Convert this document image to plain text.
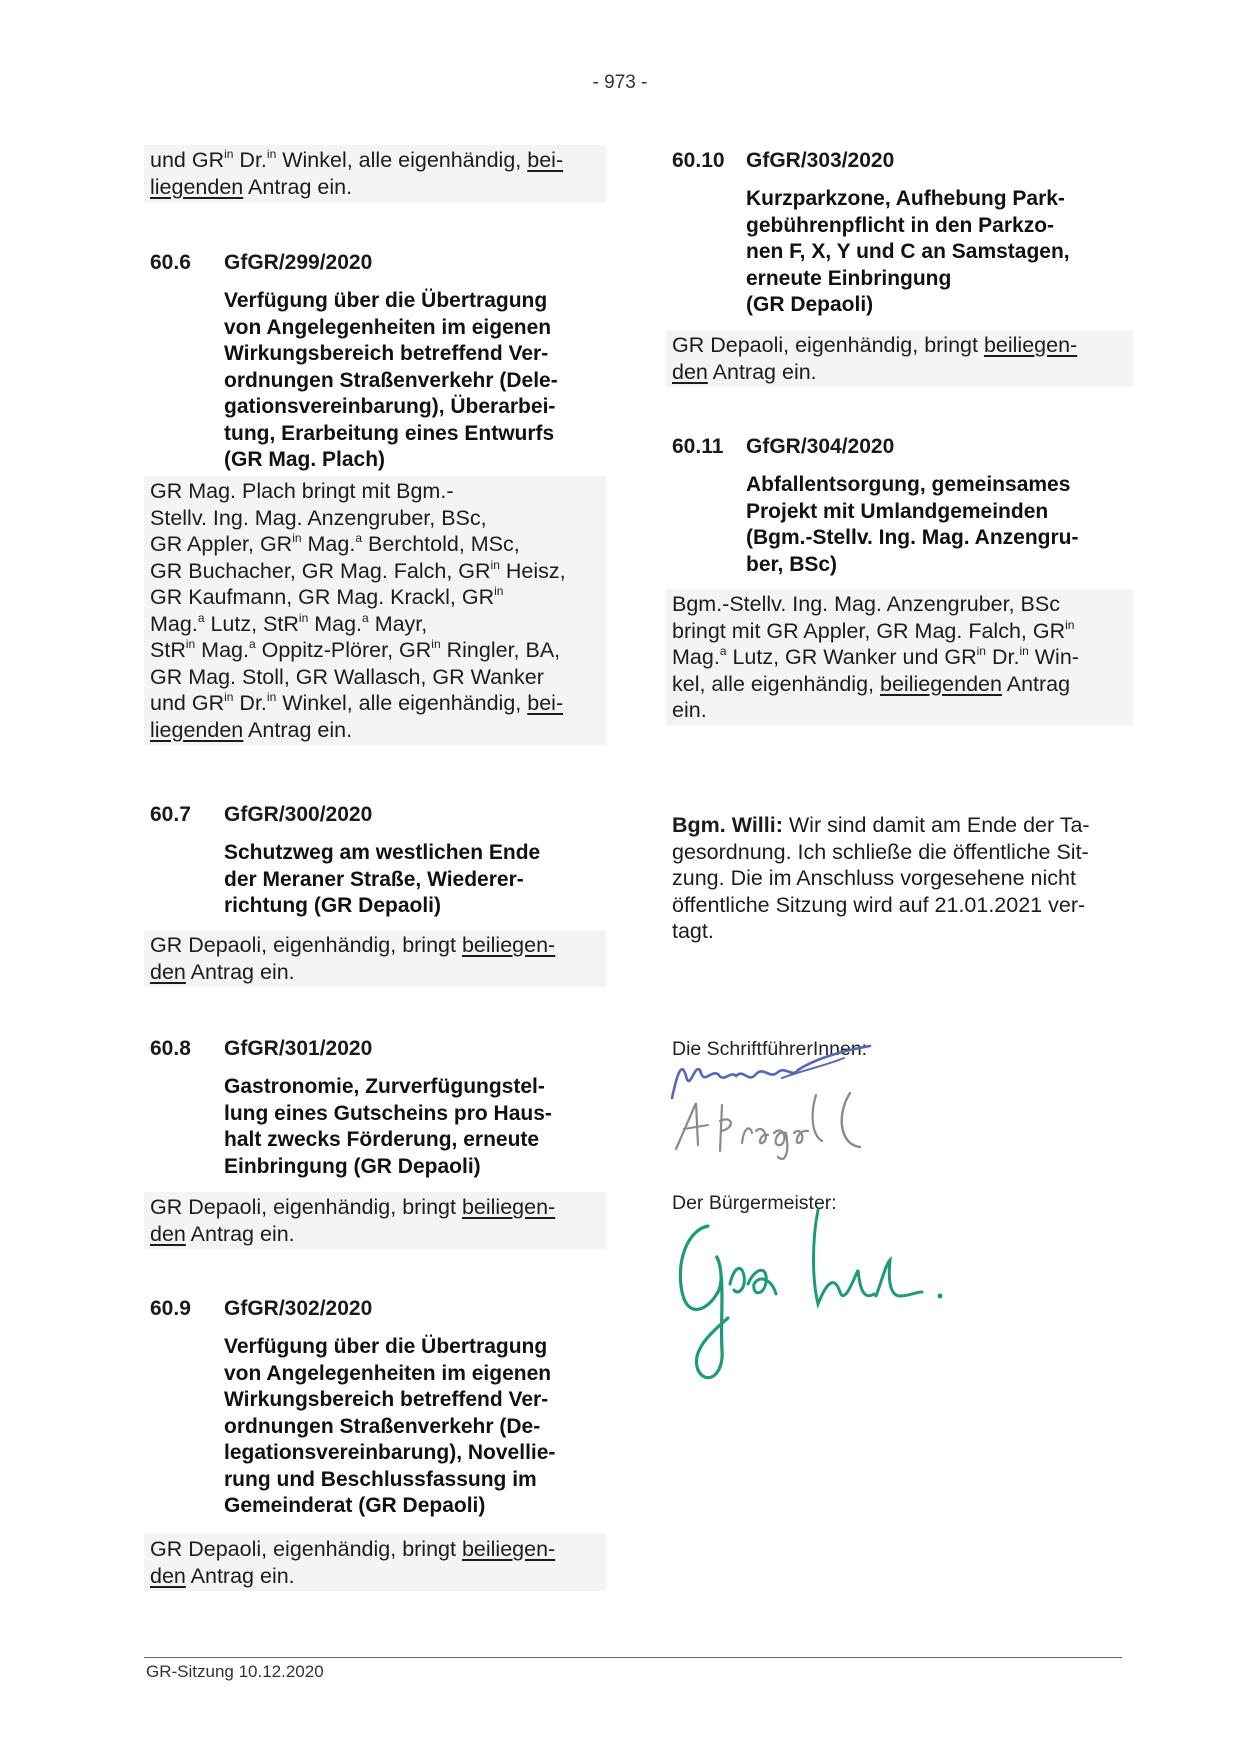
- 973 -
und $GR^{in}$ Dr.$^{in}$ Winkel, alle eigenhändig, bei-
liegenden Antrag ein.
60.6 GfGR/299/2020
Verfügung über die Übertragung
von Angelegenheiten im eigenen
Wirkungsbereich betreffend Ver-
ordnungen Straßenverkehr (Dele-
gationsvereinbarung), Überarbei-
tung, Erarbeitung eines Entwurfs
(GR Mag. Plach)
GR Mag. Plach bringt mit Bgm.-
Stellv. Ing. Mag. Anzengruber, BSc,
GR Appler, $GR^{in}$ Mag.$^a$ Berchtold, MSc,
GR Buchacher, GR Mag. Falch, $GR^{in}$ Heisz,
GR Kaufmann, GR Mag. Krackl, $GR^{in}$
Mag.$^a$ Lutz, StR$^{in}$ Mag.$^a$ Mayr,
StR$^{in}$ Mag.$^a$ Oppitz-Plörer, $GR^{in}$ Ringler, BA,
GR Mag. Stoll, GR Wallasch, GR Wanker
und $GR^{in}$ Dr.$^{in}$ Winkel, alle eigenhändig, bei-
liegenden Antrag ein.
60.7 GfGR/300/2020
Schutzweg am westlichen Ende
der Meraner Straße, Wiederer-
richtung (GR Depaoli)
GR Depaoli, eigenhändig, bringt beiliegen-
den Antrag ein.
60.8 GfGR/301/2020
Gastronomie, Zurverfügungstel-
lung eines Gutscheins pro Haus-
halt zwecks Förderung, erneute
Einbringung (GR Depaoli)
GR Depaoli, eigenhändig, bringt beiliegen-
den Antrag ein.
60.9 GfGR/302/2020
Verfügung über die Übertragung
von Angelegenheiten im eigenen
Wirkungsbereich betreffend Ver-
ordnungen Straßenverkehr (De-
legationsvereinbarung), Novellie-
rung und Beschlussfassung im
Gemeinderat (GR Depaoli)
GR Depaoli, eigenhändig, bringt beiliegen-
den Antrag ein.
60.10 GfGR/303/2020
Kurzparkzone, Aufhebung Park-
gebührenpflicht in den Parkzo-
nen F, X, Y und C an Samstagen,
erneute Einbringung
(GR Depaoli)
GR Depaoli, eigenhändig, bringt beiliegen-
den Antrag ein.
60.11 GfGR/304/2020
Abfallentsorgung, gemeinsames
Projekt mit Umlandgemeinden
(Bgm.-Stellv. Ing. Mag. Anzengru-
ber, BSc)
Bgm.-Stellv. Ing. Mag. Anzengruber, BSc
bringt mit GR Appler, GR Mag. Falch, $GR^{in}$
Mag.$^a$ Lutz, GR Wanker und $GR^{in}$ Dr.$^{in}$ Win-
kel, alle eigenhändig, beiliegenden Antrag
ein.
Bgm. Willi: Wir sind damit am Ende der Ta-
gesordnung. Ich schließe die öffentliche Sit-
zung. Die im Anschluss vorgesehene nicht
öffentliche Sitzung wird auf 21.01.2021 ver-
tagt.
Die SchriftführerInnen:
Der Bürgermeister:
GR-Sitzung 10.12.2020
